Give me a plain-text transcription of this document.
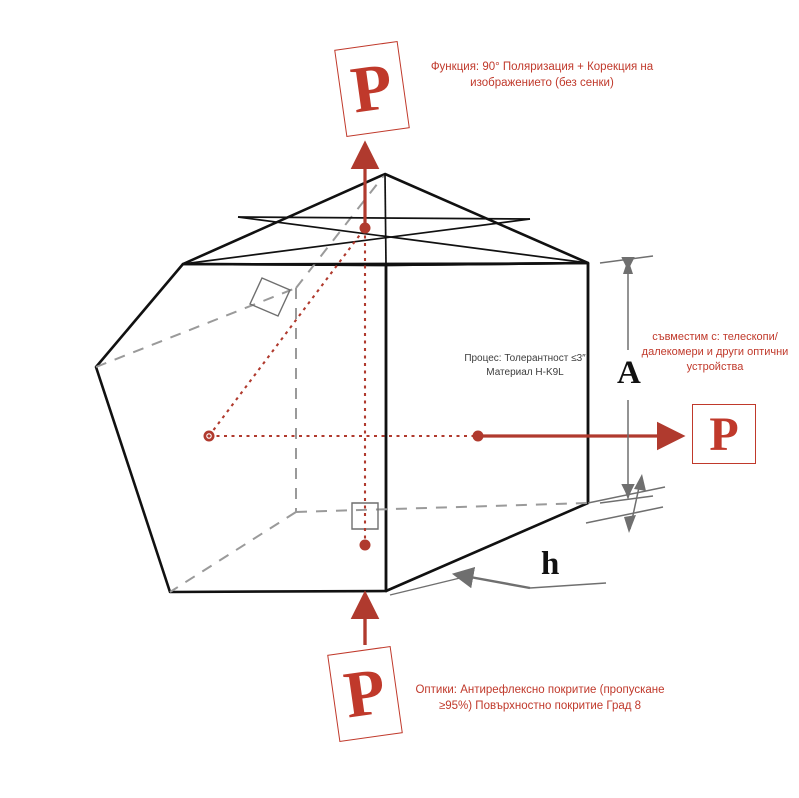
P
P
P
A
h
Функция: 90° Поляризация + Корекция на изображението (без сенки)
Оптики: Антирефлексно покритие (пропускане ≥95%) Повърхностно покритие Град 8
съвместим с: телескопи/далекомери и други оптични устройства
Процес: Толерантност ≤3″ Материал H-K9L
